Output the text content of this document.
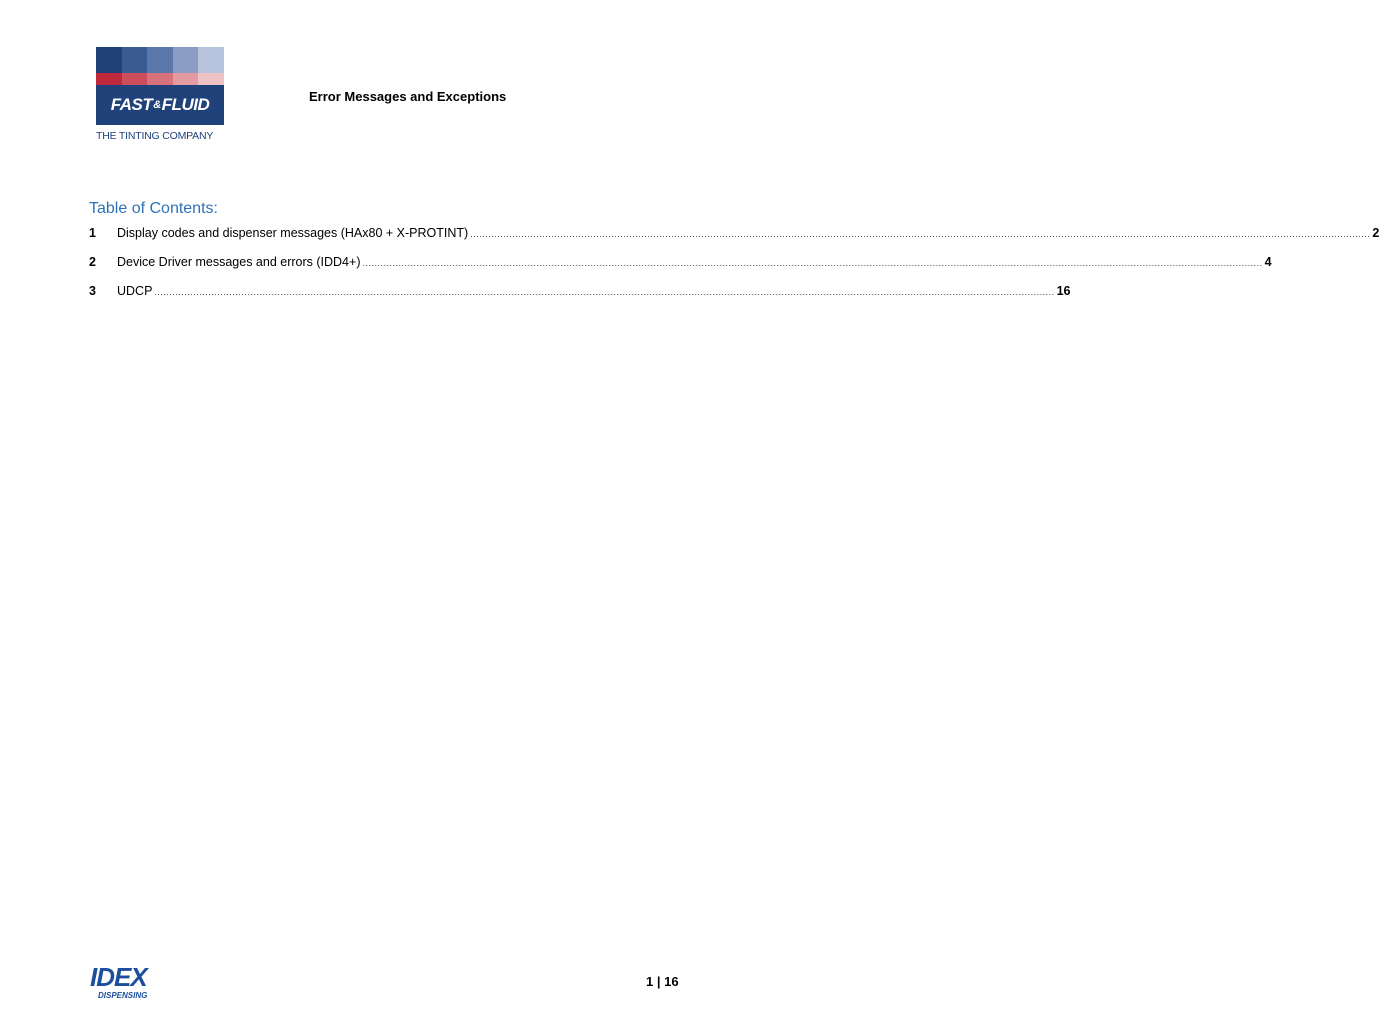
FAST & FLUID
THE TINTING COMPANY
Error Messages and Exceptions
Table of Contents:
1	Display codes and dispenser messages (HAx80 + X-PROTINT) ............................................................................................................................................................................................................................................................................................................ 2
2	Device Driver messages and errors (IDD4+) ............................................................................................................................................................................................................................................................................................................ 4
3	UDCP ............................................................................................................................................................................................................................................................................................................ 16
IDEX
DISPENSING
1 | 16
